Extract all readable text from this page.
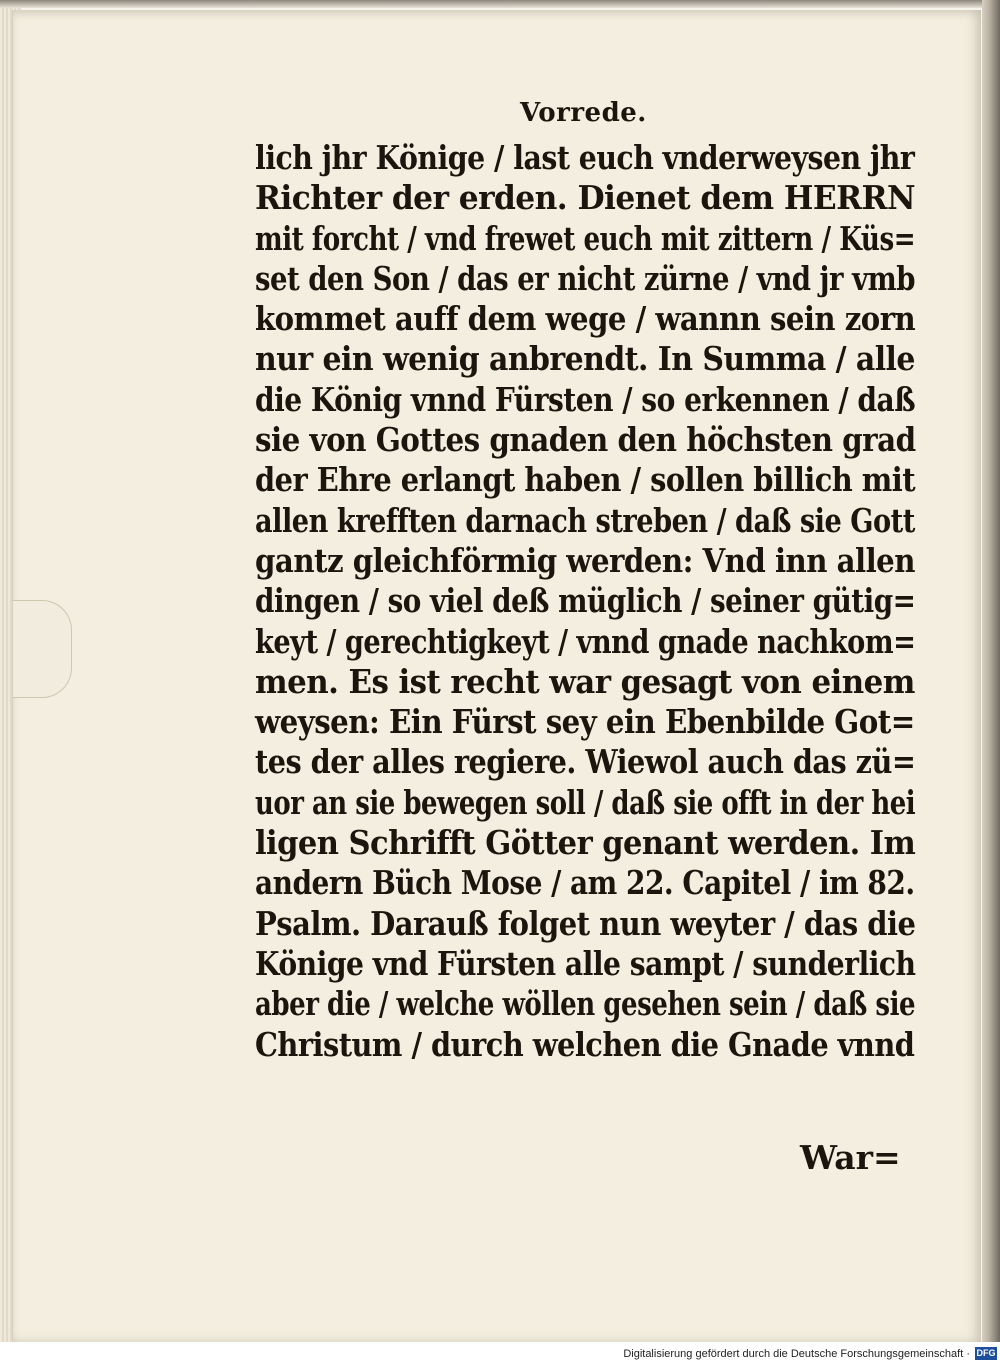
Vorrede.
lich jhr Könige / last euch vnderweysen jhr
Richter der erden. Dienet dem HERRN
mit forcht / vnd frewet euch mit zittern / Küs=
set den Son / das er nicht zürne / vnd jr vmb
kommet auff dem wege / wannn sein zorn
nur ein wenig anbrendt. In Summa / alle
die König vnnd Fürsten / so erkennen / daß
sie von Gottes gnaden den höchsten grad
der Ehre erlangt haben / sollen billich mit
allen krefften darnach streben / daß sie Gott
gantz gleichförmig werden: Vnd inn allen
dingen / so viel deß müglich / seiner gütig=
keyt / gerechtigkeyt / vnnd gnade nachkom=
men. Es ist recht war gesagt von einem
weysen: Ein Fürst sey ein Ebenbilde Got=
tes der alles regiere. Wiewol auch das zü=
uor an sie bewegen soll / daß sie offt in der hei
ligen Schrifft Götter genant werden. Im
andern Büch Mose / am 22. Capitel / im 82.
Psalm. Darauß folget nun weyter / das die
Könige vnd Fürsten alle sampt / sunderlich
aber die / welche wöllen gesehen sein / daß sie
Christum / durch welchen die Gnade vnnd
War=
Digitalisierung gefördert durch die Deutsche Forschungsgemeinschaft · DFG
